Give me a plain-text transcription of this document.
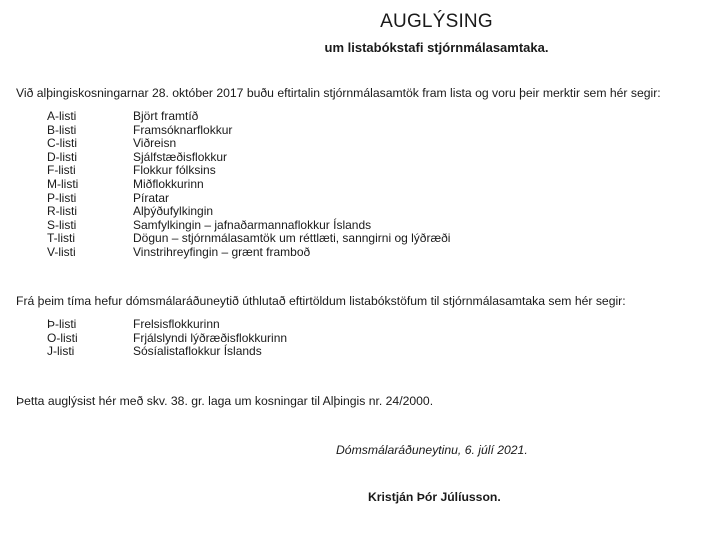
AUGLÝSING
um listabókstafi stjórnmálasamtaka.
Við alþingiskosningarnar 28. október 2017 buðu eftirtalin stjórnmálasamtök fram lista og voru þeir merktir sem hér segir:
A-listi	Björt framtíð
B-listi	Framsóknarflokkur
C-listi	Viðreisn
D-listi	Sjálfstæðisflokkur
F-listi	Flokkur fólksins
M-listi	Miðflokkurinn
P-listi	Píratar
R-listi	Alþýðufylkingin
S-listi	Samfylkingin – jafnaðarmannaflokkur Íslands
T-listi	Dögun – stjórnmálasamtök um réttlæti, sanngirni og lýðræði
V-listi	Vinstrihreyfingin – grænt framboð
Frá þeim tíma hefur dómsmálaráðuneytið úthlutað eftirtöldum listabókstöfum til stjórnmálasamtaka sem hér segir:
Þ-listi	Frelsisflokkurinn
O-listi	Frjálslyndi lýðræðisflokkurinn
J-listi	Sósíalistaflokkur Íslands
Þetta auglýsist hér með skv. 38. gr. laga um kosningar til Alþingis nr. 24/2000.
Dómsmálaráðuneytinu, 6. júlí 2021.
Kristján Þór Júlíusson.
